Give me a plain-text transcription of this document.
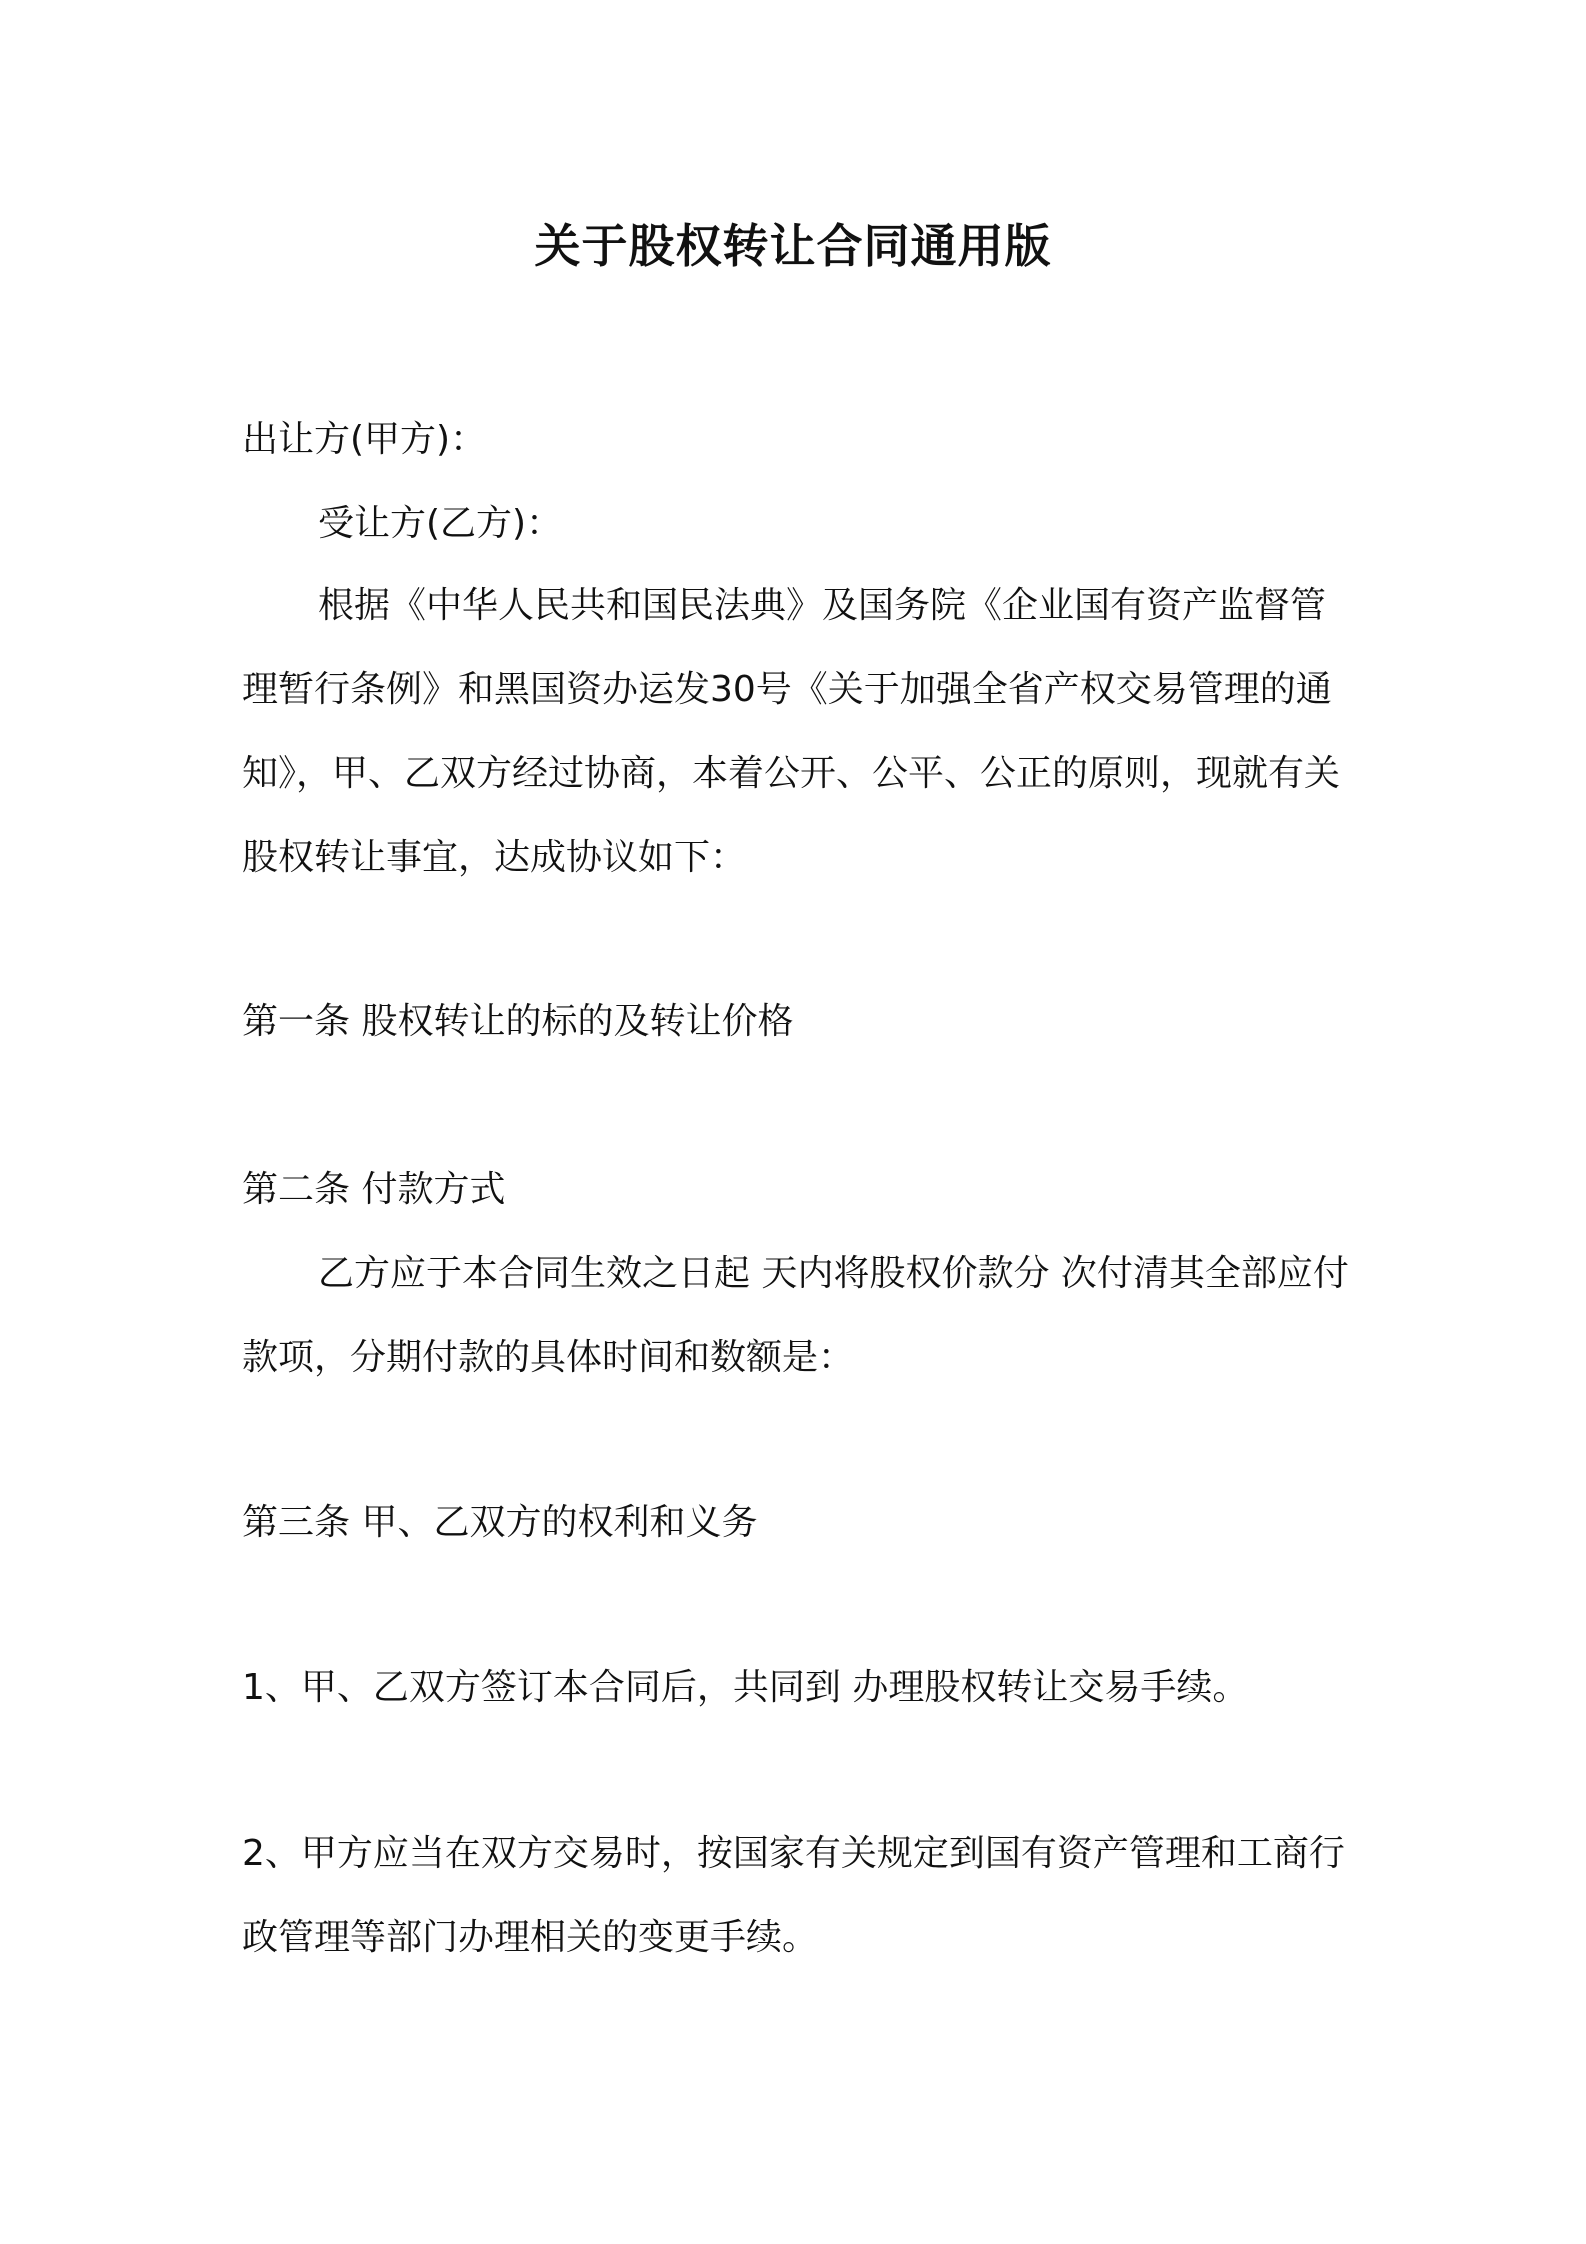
关于股权转让合同通用版

出让方(甲方)：

受让方(乙方)：

根据《中华人民共和国民法典》及国务院《企业国有资产监督管理暂行条例》和黑国资办运发30号《关于加强全省产权交易管理的通知》，甲、乙双方经过协商，本着公开、公平、公正的原则，现就有关股权转让事宜，达成协议如下：

第一条 股权转让的标的及转让价格

第二条 付款方式

乙方应于本合同生效之日起 天内将股权价款分 次付清其全部应付款项，分期付款的具体时间和数额是：

第三条 甲、乙双方的权利和义务

1、甲、乙双方签订本合同后，共同到 办理股权转让交易手续。

2、甲方应当在双方交易时，按国家有关规定到国有资产管理和工商行政管理等部门办理相关的变更手续。
